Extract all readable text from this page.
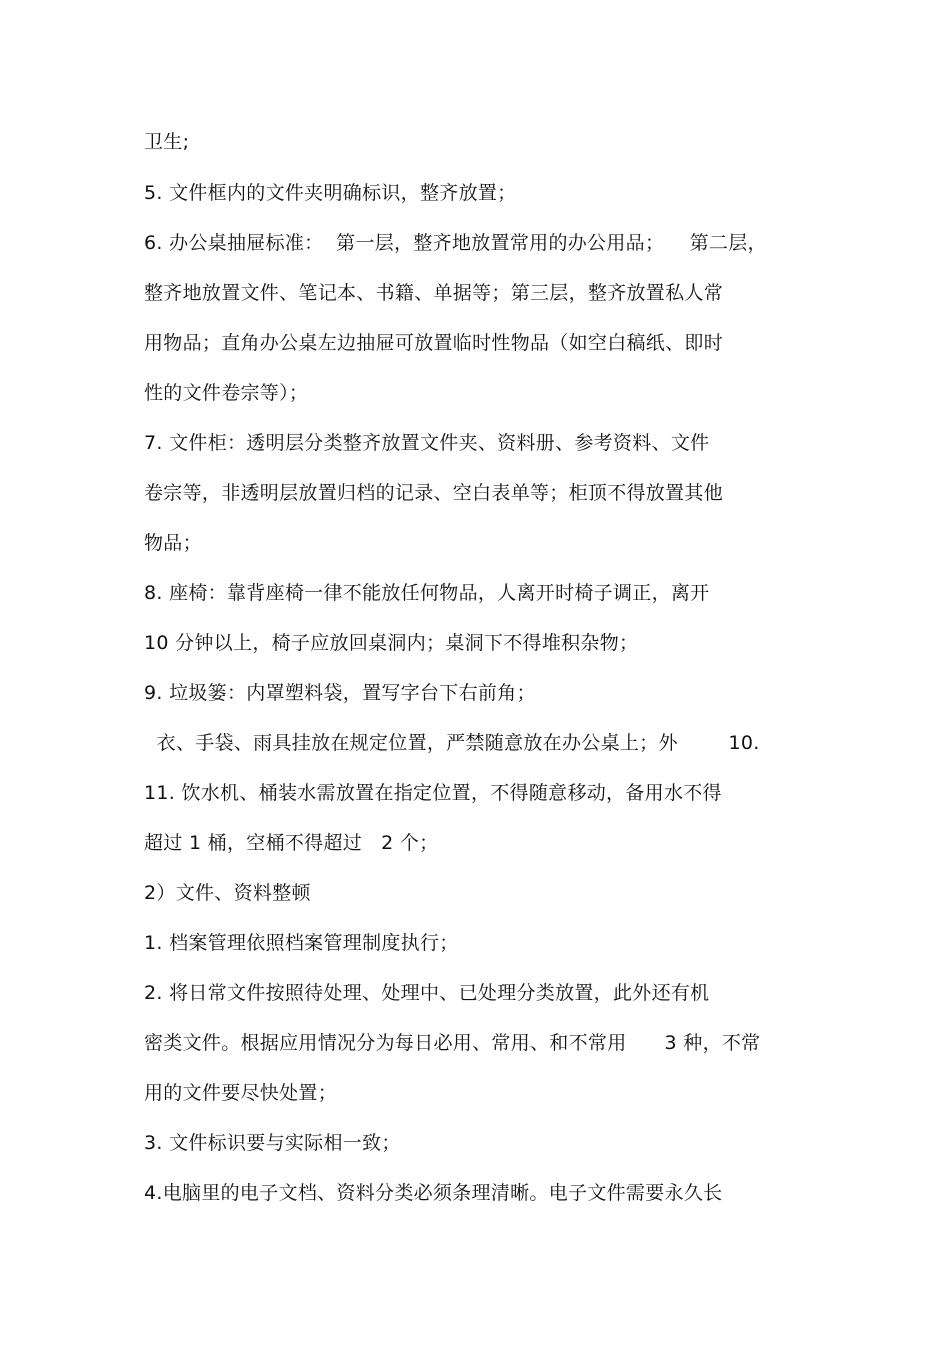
卫生;
5. 文件框内的文件夹明确标识，整齐放置；
6. 办公桌抽屉标准：  第一层，整齐地放置常用的办公用品；    第二层，
整齐地放置文件、笔记本、书籍、单据等；第三层，整齐放置私人常
用物品；直角办公桌左边抽屉可放置临时性物品（如空白稿纸、即时
性的文件卷宗等）；
7. 文件柜：透明层分类整齐放置文件夹、资料册、参考资料、文件
卷宗等，非透明层放置归档的记录、空白表单等；柜顶不得放置其他
物品；
8. 座椅：靠背座椅一律不能放任何物品，人离开时椅子调正，离开
10 分钟以上，椅子应放回桌洞内；桌洞下不得堆积杂物；
9. 垃圾篓：内罩塑料袋，置写字台下右前角；
衣、手袋、雨具挂放在规定位置，严禁随意放在办公桌上；外        10.
11. 饮水机、桶装水需放置在指定位置，不得随意移动，备用水不得
超过 1 桶，空桶不得超过   2 个；
2）文件、资料整顿
1. 档案管理依照档案管理制度执行；
2. 将日常文件按照待处理、处理中、已处理分类放置，此外还有机
密类文件。根据应用情况分为每日必用、常用、和不常用      3 种，不常
用的文件要尽快处置；
3. 文件标识要与实际相一致；
4.电脑里的电子文档、资料分类必须条理清晰。电子文件需要永久长
